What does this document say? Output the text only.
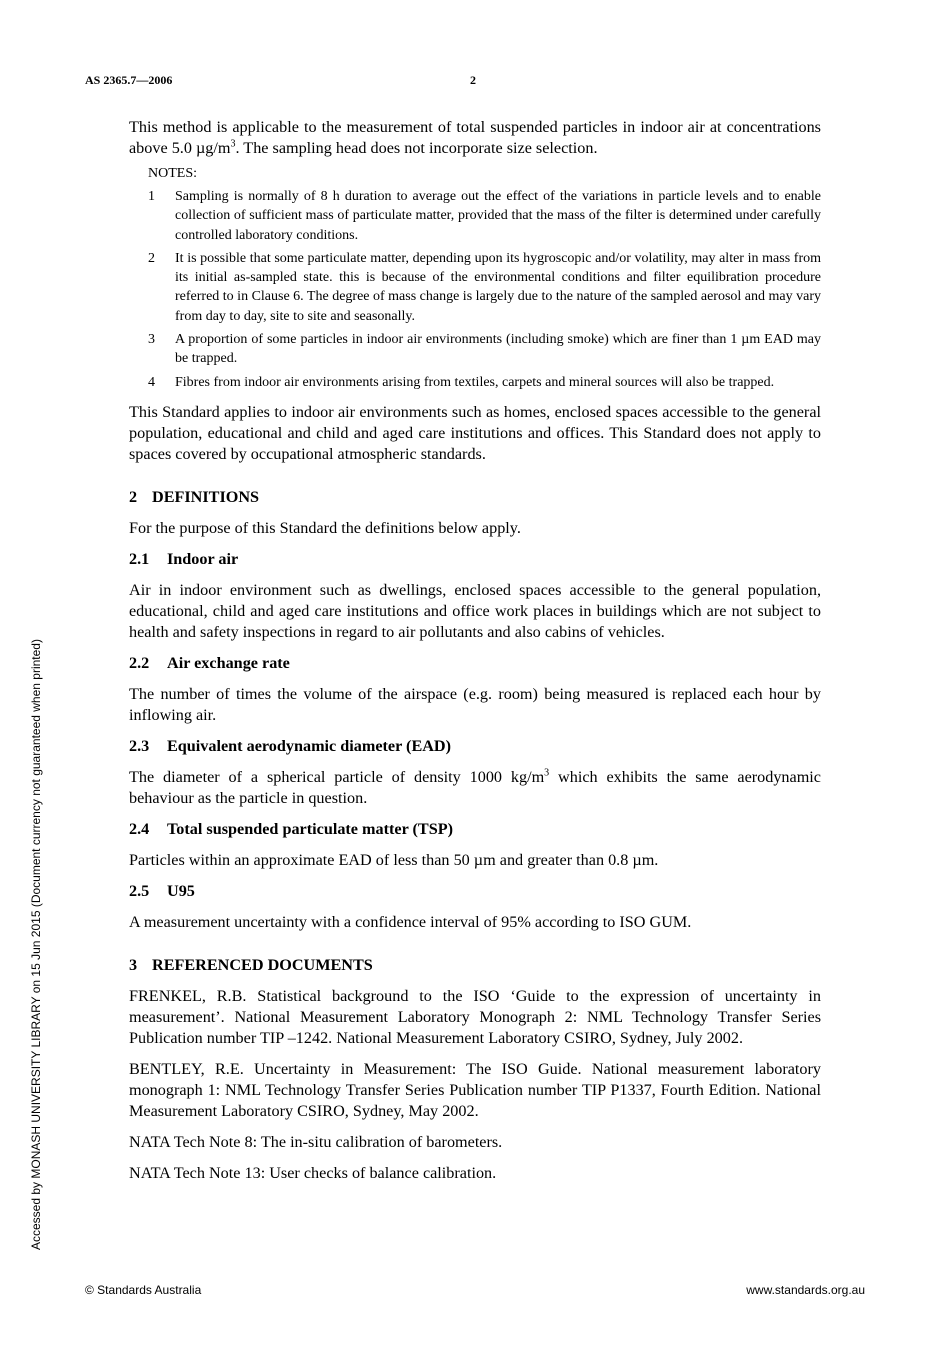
AS 2365.7—2006	2
Accessed by MONASH UNIVERSITY LIBRARY on 15 Jun 2015 (Document currency not guaranteed when printed)

This method is applicable to the measurement of total suspended particles in indoor air at concentrations above 5.0 $\mu g/m^3$. The sampling head does not incorporate size selection.

NOTES:
1	Sampling is normally of 8 h duration to average out the effect of the variations in particle levels and to enable collection of sufficient mass of particulate matter, provided that the mass of the filter is determined under carefully controlled laboratory conditions.
2	It is possible that some particulate matter, depending upon its hygroscopic and/or volatility, may alter in mass from its initial as-sampled state. this is because of the environmental conditions and filter equilibration procedure referred to in Clause 6. The degree of mass change is largely due to the nature of the sampled aerosol and may vary from day to day, site to site and seasonally.
3	A proportion of some particles in indoor air environments (including smoke) which are finer than 1 µm EAD may be trapped.
4	Fibres from indoor air environments arising from textiles, carpets and mineral sources will also be trapped.

This Standard applies to indoor air environments such as homes, enclosed spaces accessible to the general population, educational and child and aged care institutions and offices. This Standard does not apply to spaces covered by occupational atmospheric standards.

2 DEFINITIONS

For the purpose of this Standard the definitions below apply.

2.1 Indoor air

Air in indoor environment such as dwellings, enclosed spaces accessible to the general population, educational, child and aged care institutions and office work places in buildings which are not subject to health and safety inspections in regard to air pollutants and also cabins of vehicles.

2.2 Air exchange rate

The number of times the volume of the airspace (e.g. room) being measured is replaced each hour by inflowing air.

2.3 Equivalent aerodynamic diameter (EAD)

The diameter of a spherical particle of density 1000 $kg/m^3$ which exhibits the same aerodynamic behaviour as the particle in question.

2.4 Total suspended particulate matter (TSP)

Particles within an approximate EAD of less than 50 µm and greater than 0.8 µm.

2.5 U95

A measurement uncertainty with a confidence interval of 95% according to ISO GUM.

3 REFERENCED DOCUMENTS

FRENKEL, R.B. Statistical background to the ISO ‘Guide to the expression of uncertainty in measurement’. National Measurement Laboratory Monograph 2: NML Technology Transfer Series Publication number TIP –1242. National Measurement Laboratory CSIRO, Sydney, July 2002.

BENTLEY, R.E. Uncertainty in Measurement: The ISO Guide. National measurement laboratory monograph 1: NML Technology Transfer Series Publication number TIP P1337, Fourth Edition. National Measurement Laboratory CSIRO, Sydney, May 2002.

NATA Tech Note 8: The in-situ calibration of barometers.

NATA Tech Note 13: User checks of balance calibration.

© Standards Australia	www.standards.org.au
